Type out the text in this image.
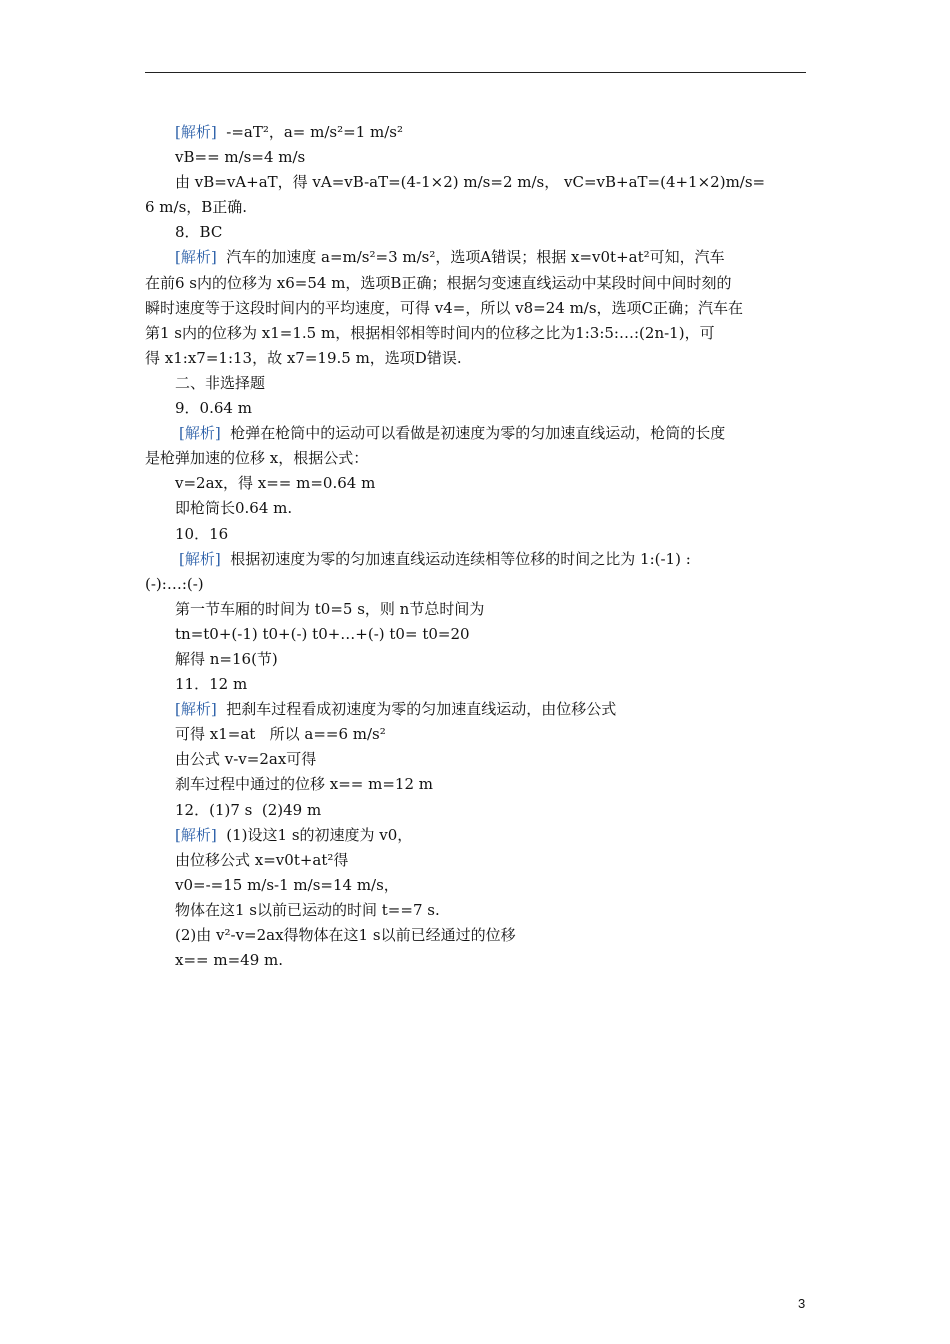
[解析]  -=aT²，a= m/s²=1 m/s²
vB== m/s=4 m/s
由 vB=vA+aT，得 vA=vB-aT=(4-1×2) m/s=2 m/s， vC=vB+aT=(4+1×2)m/s=
6 m/s，B正确.
8．BC
[解析]  汽车的加速度 a=m/s²=3 m/s²，选项A错误；根据 x=v0t+at²可知，汽车
在前6 s内的位移为 x6=54 m，选项B正确；根据匀变速直线运动中某段时间中间时刻的
瞬时速度等于这段时间内的平均速度，可得 v4=，所以 v8=24 m/s，选项C正确；汽车在
第1 s内的位移为 x1=1.5 m，根据相邻相等时间内的位移之比为1:3:5:…:(2n-1)，可
得 x1:x7=1:13，故 x7=19.5 m，选项D错误.
二、非选择题
9．0.64 m
[解析]  枪弹在枪筒中的运动可以看做是初速度为零的匀加速直线运动，枪筒的长度
是枪弹加速的位移 x，根据公式：
v=2ax，得 x== m=0.64 m
即枪筒长0.64 m.
10．16
[解析]  根据初速度为零的匀加速直线运动连续相等位移的时间之比为 1:(-1) :
(-):…:(-)
第一节车厢的时间为 t0=5 s，则 n节总时间为
tn=t0+(-1) t0+(-) t0+…+(-) t0= t0=20
解得 n=16(节)
11．12 m
[解析]  把刹车过程看成初速度为零的匀加速直线运动，由位移公式
可得 x1=at   所以 a==6 m/s²
由公式 v-v=2ax可得
刹车过程中通过的位移 x== m=12 m
12．(1)7 s  (2)49 m
[解析]  (1)设这1 s的初速度为 v0，
由位移公式 x=v0t+at²得
v0=-=15 m/s-1 m/s=14 m/s，
物体在这1 s以前已运动的时间 t==7 s.
(2)由 v²-v=2ax得物体在这1 s以前已经通过的位移
x== m=49 m.
3
